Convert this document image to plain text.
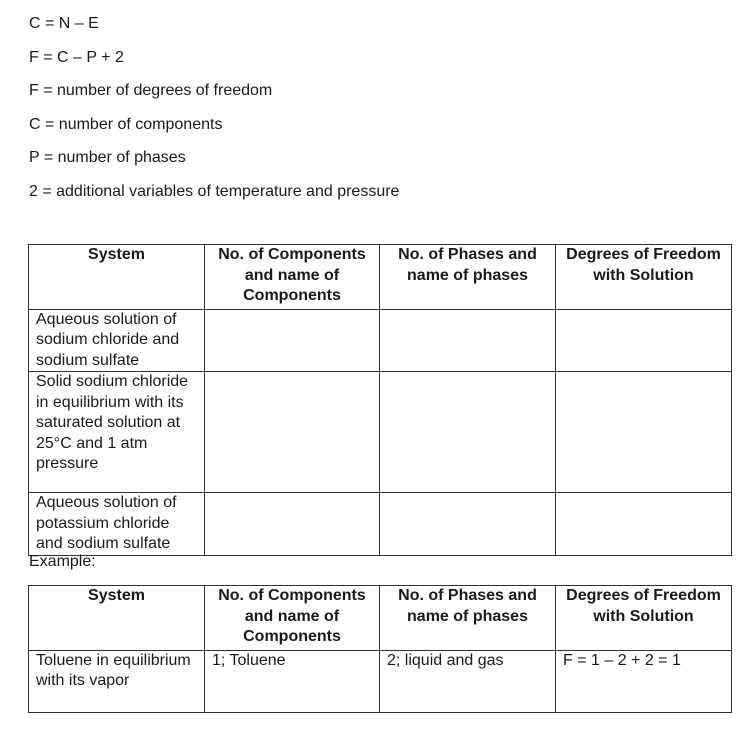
C = N – E
F = C – P + 2
F = number of degrees of freedom
C = number of components
P = number of phases
2 = additional variables of temperature and pressure
System	No. of Components and name of Components	No. of Phases and name of phases	Degrees of Freedom with Solution
Aqueous solution of sodium chloride and sodium sulfate			
Solid sodium chloride in equilibrium with its saturated solution at 25°C and 1 atm pressure			
Aqueous solution of potassium chloride and sodium sulfate			
Example:
System	No. of Components and name of Components	No. of Phases and name of phases	Degrees of Freedom with Solution
Toluene in equilibrium with its vapor	1; Toluene	2; liquid and gas	F = 1 – 2 + 2 = 1
